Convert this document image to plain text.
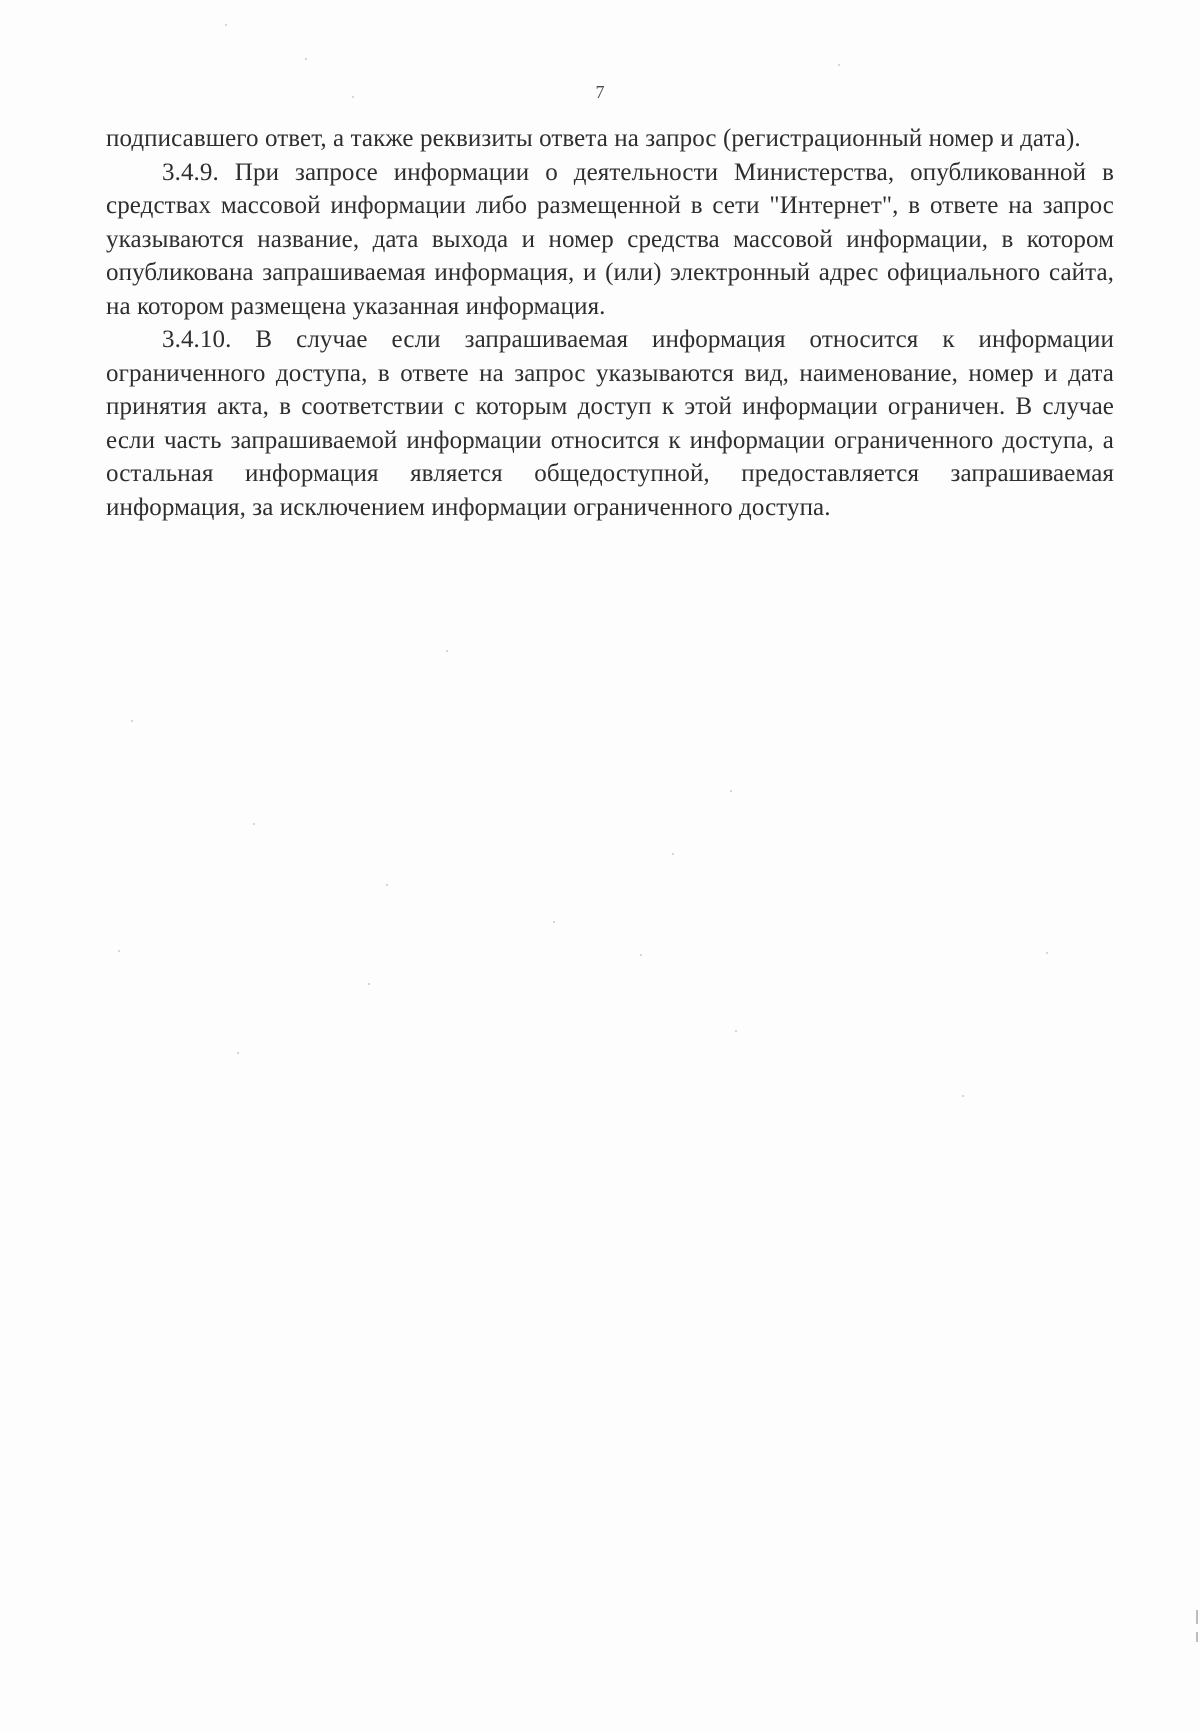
7

подписавшего ответ, а также реквизиты ответа на запрос (регистрационный номер и дата).

3.4.9. При запросе информации о деятельности Министерства, опубликованной в средствах массовой информации либо размещенной в сети "Интернет", в ответе на запрос указываются название, дата выхода и номер средства массовой информации, в котором опубликована запрашиваемая информация, и (или) электронный адрес официального сайта, на котором размещена указанная информация.

3.4.10. В случае если запрашиваемая информация относится к информации ограниченного доступа, в ответе на запрос указываются вид, наименование, номер и дата принятия акта, в соответствии с которым доступ к этой информации ограничен. В случае если часть запрашиваемой информации относится к информации ограниченного доступа, а остальная информация является общедоступной, предоставляется запрашиваемая информация, за исключением информации ограниченного доступа.
